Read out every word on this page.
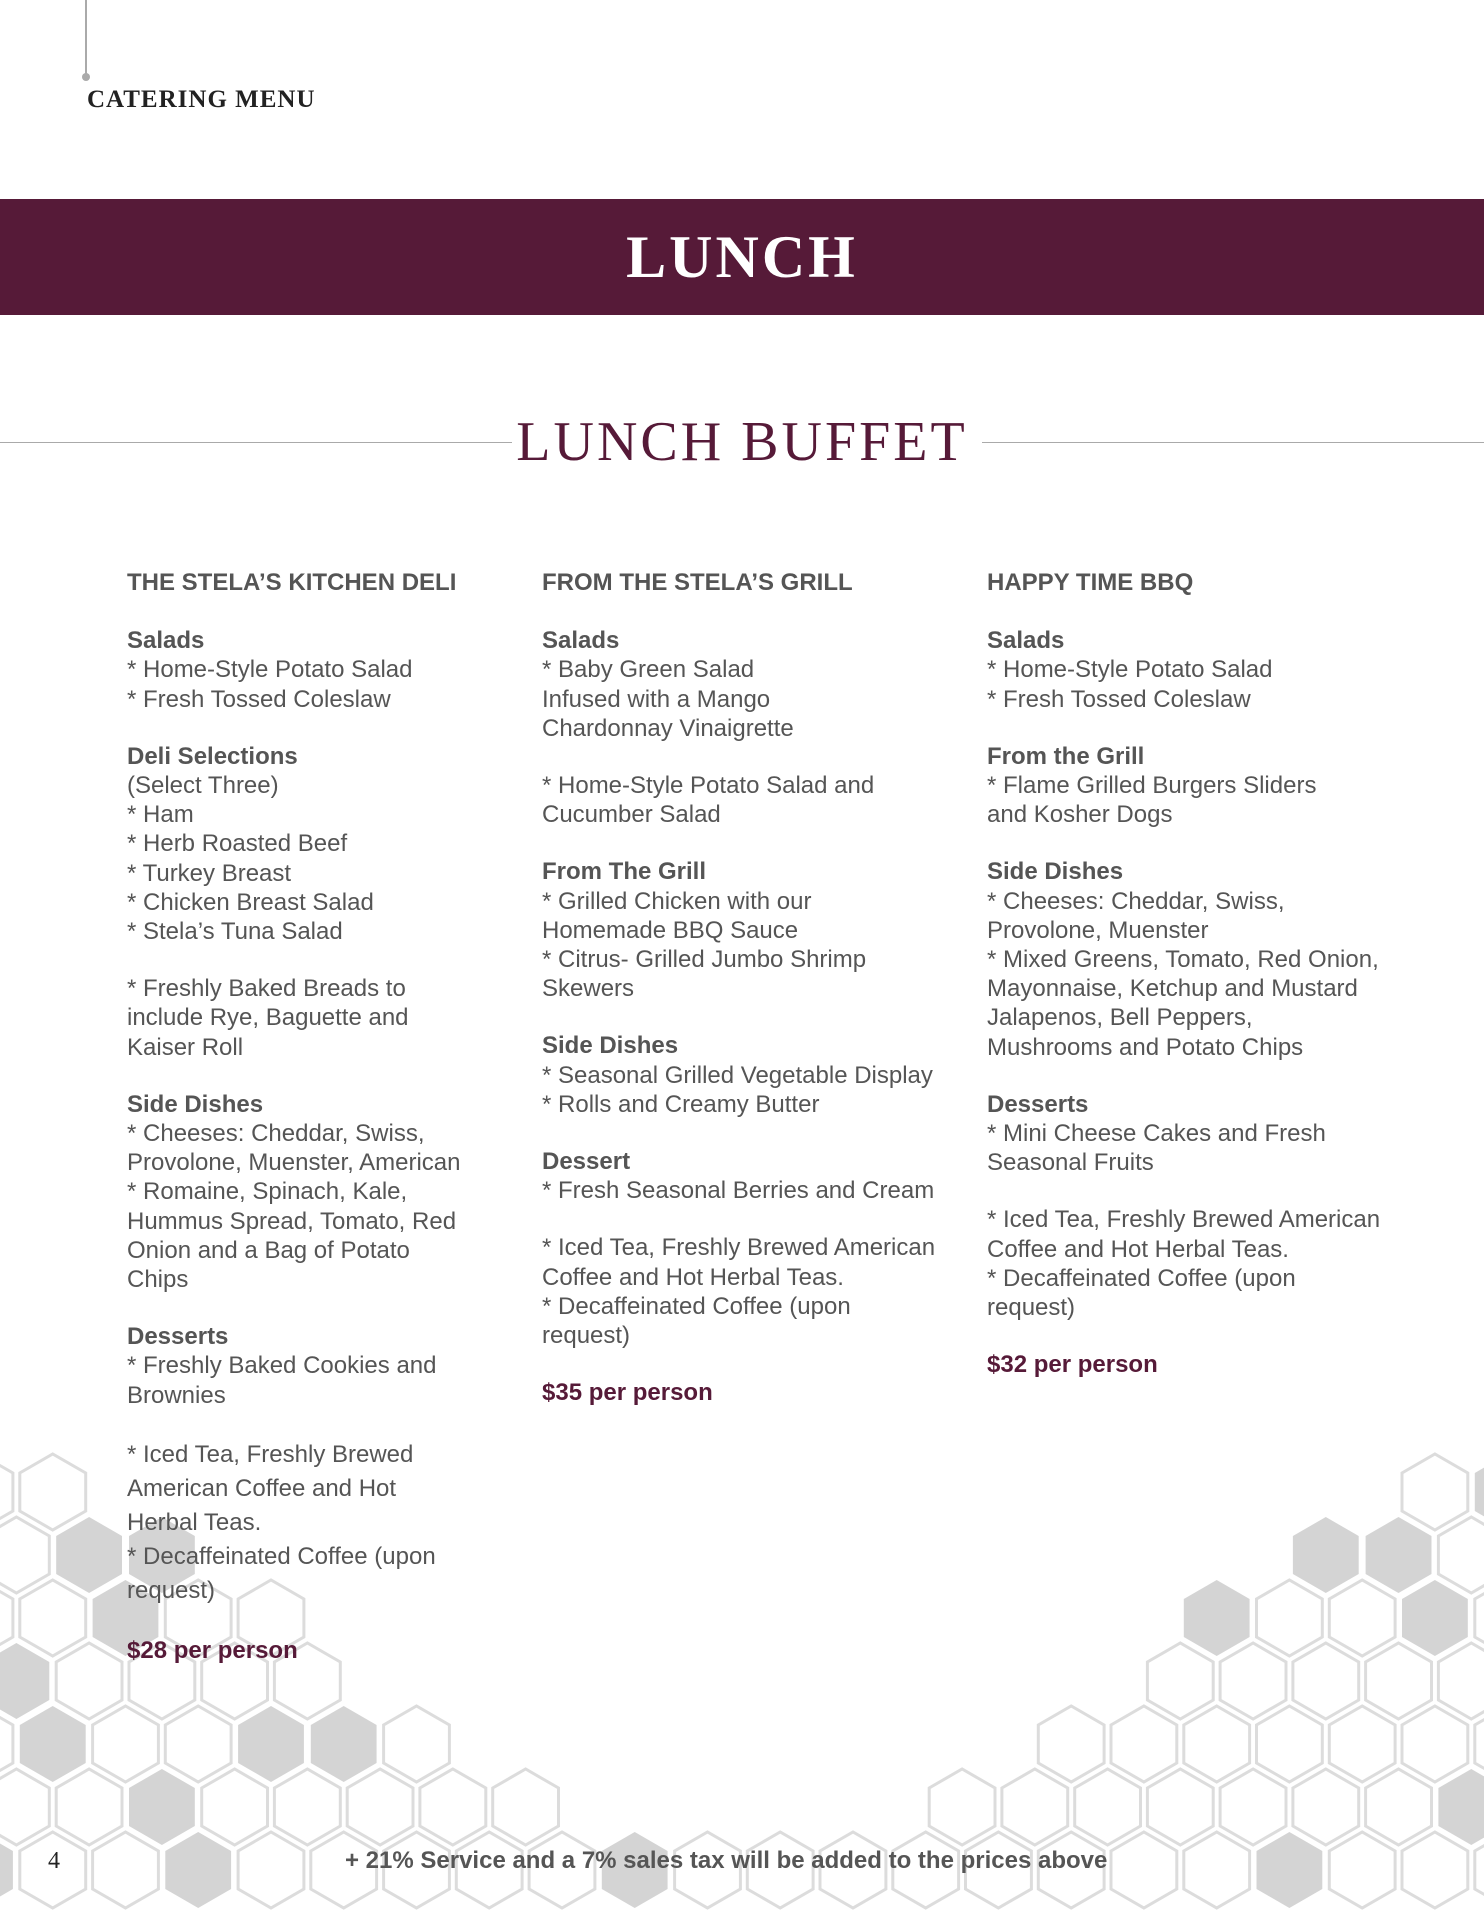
CATERING MENU
LUNCH
LUNCH BUFFET
THE STELA’S KITCHEN DELI
Salads
* Home-Style Potato Salad
* Fresh Tossed Coleslaw
Deli Selections
(Select Three)
* Ham
* Herb Roasted Beef
* Turkey Breast
* Chicken Breast Salad
* Stela’s Tuna Salad
* Freshly Baked Breads to
include Rye, Baguette and
Kaiser Roll
Side Dishes
* Cheeses: Cheddar, Swiss,
Provolone, Muenster, American
* Romaine, Spinach, Kale,
Hummus Spread, Tomato, Red
Onion and a Bag of Potato
Chips
Desserts
* Freshly Baked Cookies and
Brownies
* Iced Tea, Freshly Brewed
American Coffee and Hot
Herbal Teas.
* Decaffeinated Coffee (upon
request)
$28 per person
FROM THE STELA’S GRILL
Salads
* Baby Green Salad
Infused with a Mango
Chardonnay Vinaigrette
* Home-Style Potato Salad and
Cucumber Salad
From The Grill
* Grilled Chicken with our
Homemade BBQ Sauce
* Citrus- Grilled Jumbo Shrimp
Skewers
Side Dishes
* Seasonal Grilled Vegetable Display
* Rolls and Creamy Butter
Dessert
* Fresh Seasonal Berries and Cream
* Iced Tea, Freshly Brewed American
Coffee and Hot Herbal Teas.
* Decaffeinated Coffee (upon
request)
$35 per person
HAPPY TIME BBQ
Salads
* Home-Style Potato Salad
* Fresh Tossed Coleslaw
From the Grill
* Flame Grilled Burgers Sliders
and Kosher Dogs
Side Dishes
* Cheeses: Cheddar, Swiss,
Provolone, Muenster
* Mixed Greens, Tomato, Red Onion,
Mayonnaise, Ketchup and Mustard
Jalapenos, Bell Peppers,
Mushrooms and Potato Chips
Desserts
* Mini Cheese Cakes and Fresh
Seasonal Fruits
* Iced Tea, Freshly Brewed American
Coffee and Hot Herbal Teas.
* Decaffeinated Coffee (upon
request)
$32 per person
4	+ 21% Service and a 7% sales tax will be added to the prices above
